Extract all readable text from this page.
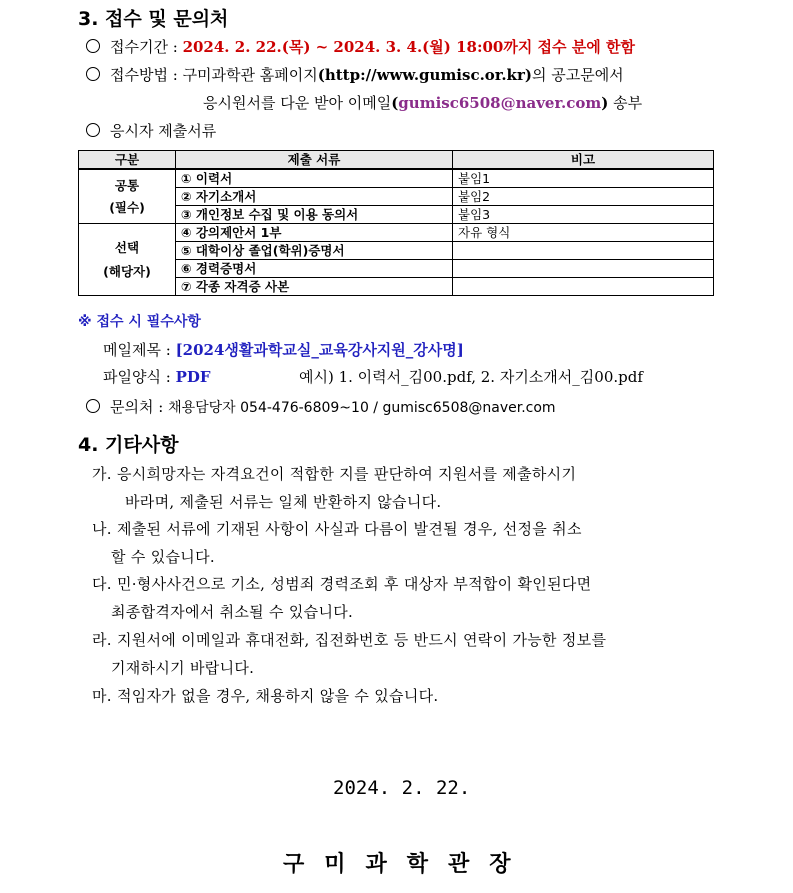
3. 접수 및 문의처
접수기간 : 2024. 2. 22.(목) ~ 2024. 3. 4.(월) 18:00까지 접수 분에 한함
접수방법 : 구미과학관 홈페이지(http://www.gumisc.or.kr)의 공고문에서
응시원서를 다운 받아 이메일(gumisc6508@naver.com) 송부
응시자 제출서류
구분	제출 서류	비고

공통
(필수)	① 이력서	붙임1
	② 자기소개서	붙임2
	③ 개인정보 수집 및 이용 동의서	붙임3

선택
(해당자)	④ 강의제안서 1부	자유 형식
	⑤ 대학이상 졸업(학위)증명서	
	⑥ 경력증명서	
	⑦ 각종 자격증 사본	
※ 접수 시 필수사항
메일제목 : [2024생활과학교실_교육강사지원_강사명]
파일양식 : PDF	예시) 1. 이력서_김00.pdf, 2. 자기소개서_김00.pdf
문의처 : 채용담당자 054-476-6809~10 / gumisc6508@naver.com
4. 기타사항
가. 응시희망자는 자격요건이 적합한 지를 판단하여 지원서를 제출하시기
바라며, 제출된 서류는 일체 반환하지 않습니다.
나. 제출된 서류에 기재된 사항이 사실과 다름이 발견될 경우, 선정을 취소
할 수 있습니다.
다. 민·형사사건으로 기소, 성범죄 경력조회 후 대상자 부적합이 확인된다면
최종합격자에서 취소될 수 있습니다.
라. 지원서에 이메일과 휴대전화, 집전화번호 등 반드시 연락이 가능한 정보를
기재하시기 바랍니다.
마. 적임자가 없을 경우, 채용하지 않을 수 있습니다.
2024. 2. 22.
구미과학관장
